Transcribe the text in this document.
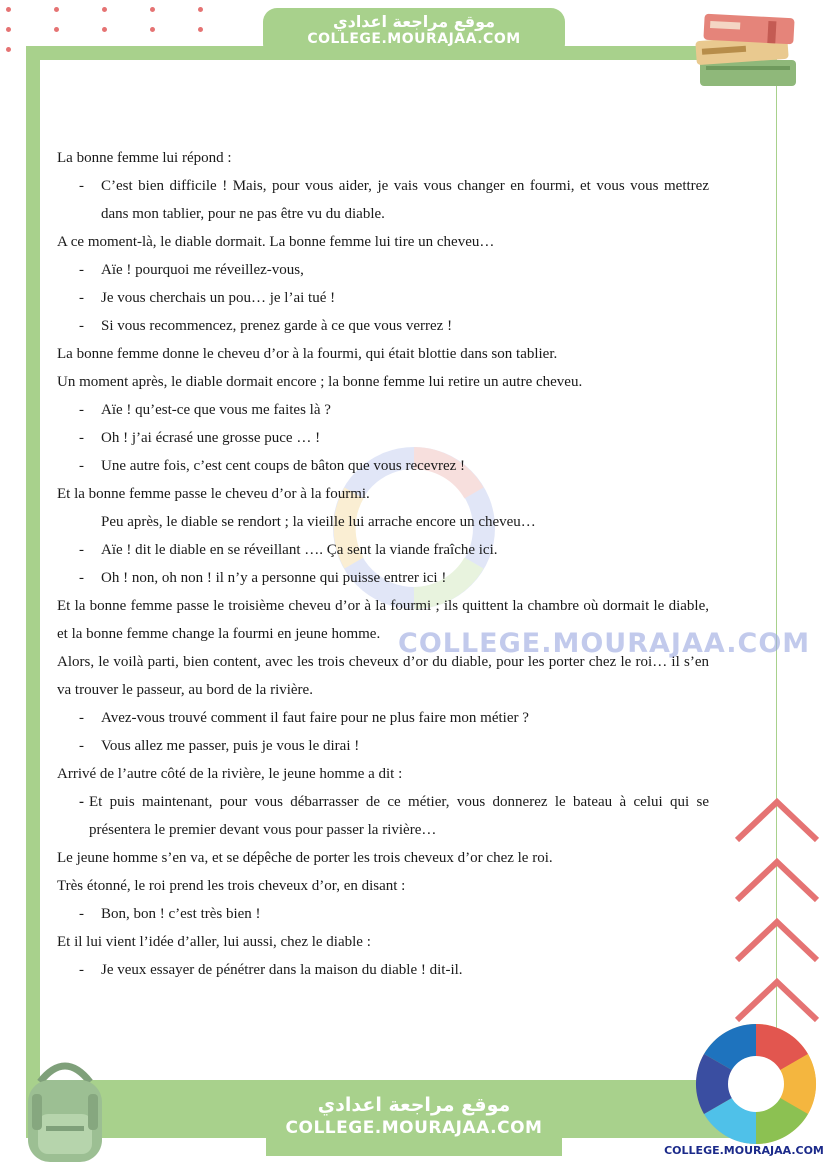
موقع مراجعة اعدادي
COLLEGE.MOURAJAA.COM
COLLEGE.MOURAJAA.COM
COLLEGE.MOURAJAA.COM

La bonne femme lui répond :

- C’est bien difficile ! Mais, pour vous aider, je vais vous changer en fourmi, et vous vous mettrez dans mon tablier, pour ne pas être vu du diable.

A ce moment-là, le diable dormait. La bonne femme lui tire un cheveu…

- Aïe ! pourquoi me réveillez-vous,

- Je vous cherchais un pou… je l’ai tué !

- Si vous recommencez, prenez garde à ce que vous verrez !

La bonne femme donne le cheveu d’or à la fourmi, qui était blottie dans son tablier.

Un moment après, le diable dormait encore ; la bonne femme lui retire un autre cheveu.

- Aïe ! qu’est-ce que vous me faites là ?

- Oh ! j’ai écrasé une grosse puce … !

- Une autre fois, c’est cent coups de bâton que vous recevrez !

Et la bonne femme passe le cheveu d’or à la fourmi.

Peu après, le diable se rendort ; la vieille lui arrache encore un cheveu…

- Aïe ! dit le diable en se réveillant …. Ça sent la viande fraîche ici.

- Oh ! non, oh non ! il n’y a personne qui puisse entrer ici !

Et la bonne femme passe le troisième cheveu d’or à la fourmi ; ils quittent la chambre où dormait le diable, et la bonne femme change la fourmi en jeune homme.

Alors, le voilà parti, bien content, avec les trois cheveux d’or du diable, pour les porter chez le roi… il s’en va trouver le passeur, au bord de la rivière.

- Avez-vous trouvé comment il faut faire pour ne plus faire mon métier ?

- Vous allez me passer, puis je vous le dirai !

Arrivé de l’autre côté de la rivière, le jeune homme a dit :

- Et puis maintenant, pour vous débarrasser de ce métier, vous donnerez le bateau à celui qui se présentera le premier devant vous pour passer la rivière…

Le jeune homme s’en va, et se dépêche de porter les trois cheveux d’or chez le roi.

Très étonné, le roi prend les trois cheveux d’or, en disant :

- Bon, bon ! c’est très bien !

Et il lui vient l’idée d’aller, lui aussi, chez le diable :

- Je veux essayer de pénétrer dans la maison du diable ! dit-il.

موقع مراجعة اعدادي
COLLEGE.MOURAJAA.COM
